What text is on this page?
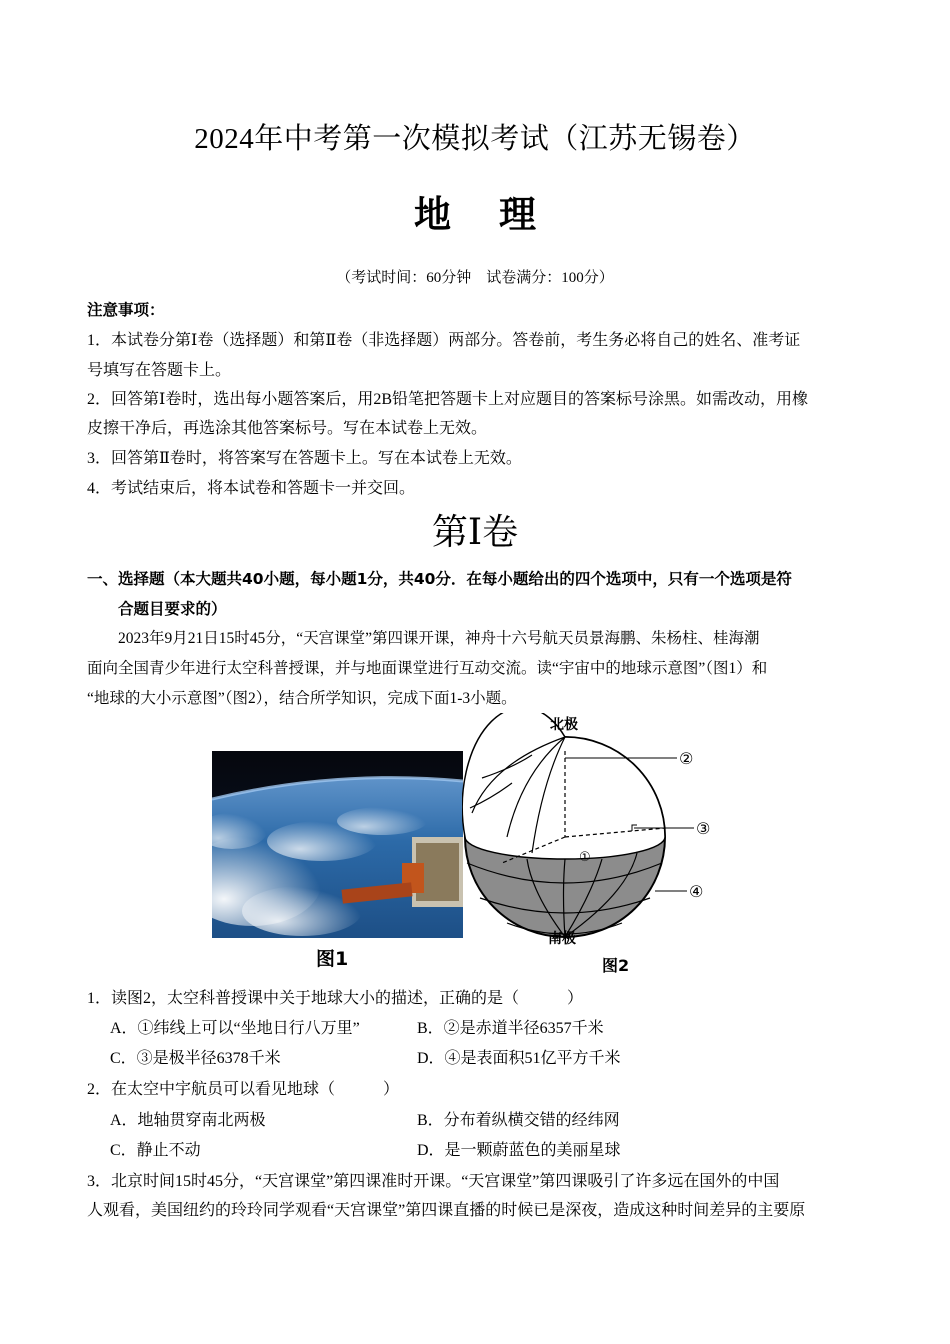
2024年中考第一次模拟考试（江苏无锡卷）
地理
（考试时间：60分钟　试卷满分：100分）
注意事项：
1．本试卷分第Ⅰ卷（选择题）和第Ⅱ卷（非选择题）两部分。答卷前，考生务必将自己的姓名、准考证
号填写在答题卡上。
2．回答第Ⅰ卷时，选出每小题答案后，用2B铅笔把答题卡上对应题目的答案标号涂黑。如需改动，用橡
皮擦干净后，再选涂其他答案标号。写在本试卷上无效。
3．回答第Ⅱ卷时，将答案写在答题卡上。写在本试卷上无效。
4．考试结束后，将本试卷和答题卡一并交回。
第Ⅰ卷
一、选择题（本大题共40小题，每小题1分，共40分．在每小题给出的四个选项中，只有一个选项是符
合题目要求的）
2023年9月21日15时45分，“天宫课堂”第四课开课，神舟十六号航天员景海鹏、朱杨柱、桂海潮
面向全国青少年进行太空科普授课，并与地面课堂进行互动交流。读“宇宙中的地球示意图”（图1）和
“地球的大小示意图”（图2），结合所学知识，完成下面1-3小题。
图1
北极
南极
①
②
③
④
图2
1．读图2，太空科普授课中关于地球大小的描述，正确的是（　　　）
A．①纬线上可以“坐地日行八万里”	B．②是赤道半径6357千米
C．③是极半径6378千米	D．④是表面积51亿平方千米
2．在太空中宇航员可以看见地球（　　　）
A．地轴贯穿南北两极	B．分布着纵横交错的经纬网
C．静止不动	D．是一颗蔚蓝色的美丽星球
3．北京时间15时45分，“天宫课堂”第四课准时开课。“天宫课堂”第四课吸引了许多远在国外的中国
人观看，美国纽约的玲玲同学观看“天宫课堂”第四课直播的时候已是深夜，造成这种时间差异的主要原
